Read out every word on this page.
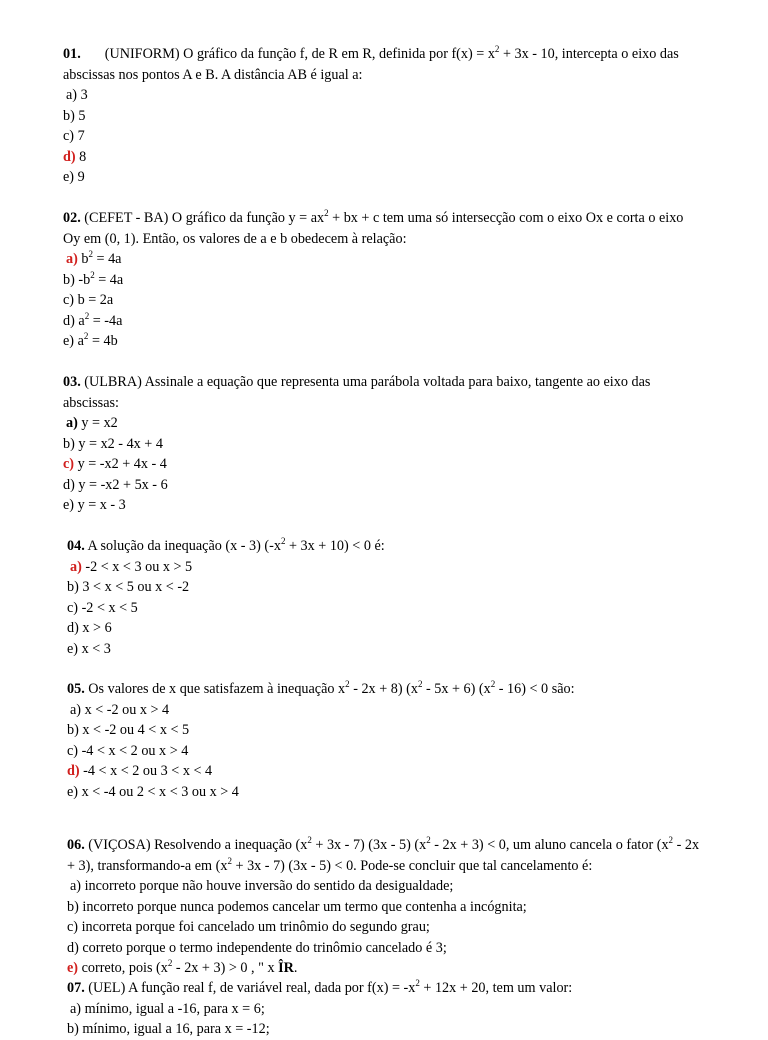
01. (UNIFORM) O gráfico da função f, de R em R, definida por $f(x) = x^2 + 3x - 10$, intercepta o eixo das abscissas nos pontos A e B. A distância AB é igual a:
a) 3
b) 5
c) 7
d) 8
e) 9
02. (CEFET - BA) O gráfico da função $y = ax^2$ + bx + c tem uma só intersecção com o eixo Ox e corta o eixo Oy em (0, 1). Então, os valores de a e b obedecem à relação:
a) $b^2 = 4a$
b) $-b^2 = 4a$
c) b = 2a
d) $a^2 = -4a$
e) $a^2 = 4b$
03. (ULBRA) Assinale a equação que representa uma parábola voltada para baixo, tangente ao eixo das abscissas:
a) y = x2
b) y = x2 - 4x + 4
c) y = -x2 + 4x - 4
d) y = -x2 + 5x - 6
e) y = x - 3
04. A solução da inequação (x - 3) $(-x^2 + 3x + 10) < 0$ é:
a) -2 < x < 3 ou x > 5
b) 3 < x < 5 ou x < -2
c) -2 < x < 5
d) x > 6
e) x < 3
05. Os valores de x que satisfazem à inequação $x^2 - 2x + 8$) $(x^2 - 5x + 6)$ $(x^2 - 16) < 0$ são:
a) x < -2 ou x > 4
b) x < -2 ou 4 < x < 5
c) -4 < x < 2 ou x > 4
d) -4 < x < 2 ou 3 < x < 4
e) x < -4 ou 2 < x < 3 ou x > 4
06. (VIÇOSA) Resolvendo a inequação $(x^2 + 3x - 7)$ (3x - 5) $(x^2 - 2x + 3) < 0$, um aluno cancela o fator $(x^2 - 2x + 3)$, transformando-a em $(x^2 + 3x - 7)$ (3x - 5) < 0. Pode-se concluir que tal cancelamento é:
a) incorreto porque não houve inversão do sentido da desigualdade;
b) incorreto porque nunca podemos cancelar um termo que contenha a incógnita;
c) incorreta porque foi cancelado um trinômio do segundo grau;
d) correto porque o termo independente do trinômio cancelado é 3;
e) correto, pois $(x^2 - 2x + 3) > 0$ , " x ÎR.
07. (UEL) A função real f, de variável real, dada por $f(x) = -x^2 + 12x + 20$, tem um valor:
a) mínimo, igual a -16, para x = 6;
b) mínimo, igual a 16, para x = -12;
